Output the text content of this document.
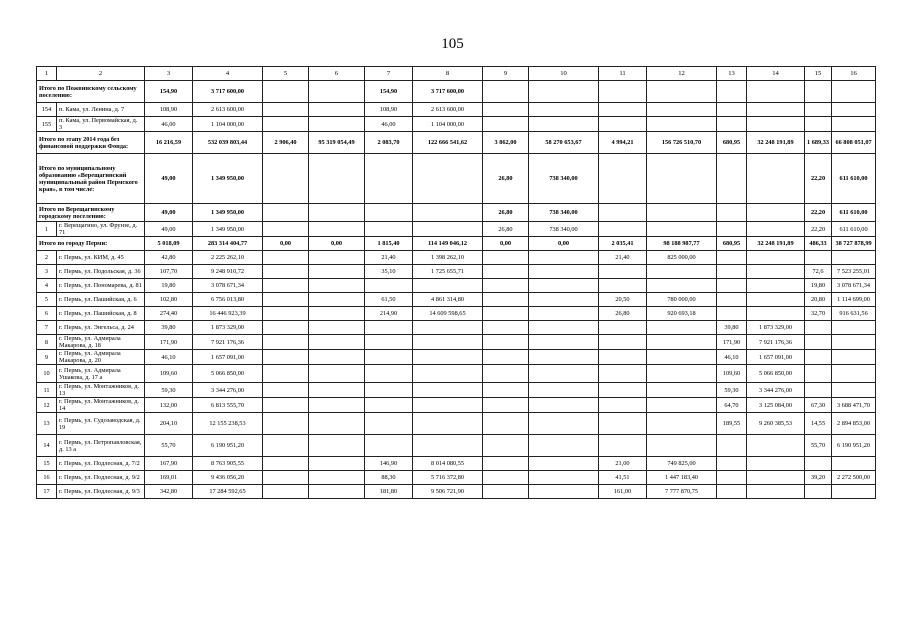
105
1	2	3	4	5	6	7	8	9	10	11	12	13	14	15	16
Итого по Пожвинскому сельскому поселению:		154,90	3 717 600,00			154,90	3 717 600,00								
154	п. Камa, ул. Ленина, д. 7	108,90	2 613 600,00			108,90	2 613 600,00								
155	п. Кама, ул. Первомайская, д. 3	46,00	1 104 000,00			46,00	1 104 000,00								
Итого по этапу 2014 года без финансовой поддержки Фонда:		16 216,59	532 039 803,44	2 906,40	95 319 054,49	2 083,70	122 666 541,62	3 862,00	58 270 653,67	4 994,21	156 726 510,70	680,95	32 248 191,89	1 689,33	66 808 051,07
Итого по муниципальному образованию «Верещагинский муниципальный район Пермского края», в том числе:		49,00	1 349 950,00					26,80	738 340,00					22,20	611 610,00
Итого по Верещагинскому городскому поселению:		49,00	1 349 950,00					26,80	738 340,00					22,20	611 610,00
1	г. Верещагино, ул. Фрунзе, д. 71	49,00	1 349 950,00					26,80	738 340,00					22,20	611 610,00
Итого по городу Перми:		5 018,09	283 314 404,77	0,00	0,00	1 815,40	114 149 046,12	0,00	0,00	2 035,41	98 188 987,77	680,95	32 248 191,89	486,33	38 727 878,99
2	г. Пермь, ул. КИМ, д. 45	42,80	2 225 262,10			21,40	1 398 262,10			21,40	825 000,00				
3	г. Пермь, ул. Подольская, д. 36	107,70	9 248 910,72			35,10	1 725 655,71							72,6	7 523 255,01
4	г. Пермь, ул. Пономарева, д. 81	19,80	3 078 671,34											19,80	3 078 671,34
5	г. Пермь, ул. Пашийская, д. 6	102,80	6 756 013,80			61,50	4 861 314,80			20,50	780 000,00			20,80	1 114 699,00
6	г. Пермь, ул. Пашийская, д. 8	274,40	16 446 923,39			214,90	14 609 598,65			26,80	920 693,18			32,70	916 631,56
7	г. Пермь, ул. Энгельса, д. 24	39,80	1 873 329,00									39,80	1 873 329,00		
8	г. Пермь, ул. Адмирала Макарова, д. 18	171,90	7 921 176,36									171,90	7 921 176,36		
9	г. Пермь, ул. Адмирала Макарова, д. 20	46,10	1 657 091,00									46,10	1 657 091,00		
10	г. Пермь, ул. Адмирала Ушакова, д. 17 а	109,60	5 066 850,00									109,60	5 066 850,00		
11	г. Пермь, ул. Монтажников, д. 13	59,30	3 344 276,00									59,30	3 344 276,00		
12	г. Пермь, ул. Монтажников, д. 14	132,00	6 813 555,70									64,70	3 125 084,00	67,30	3 688 471,70
13	г. Пермь, ул. Судозаводская, д. 19	204,10	12 155 238,53									189,55	9 260 385,53	14,55	2 894 853,00
14	г. Пермь, ул. Петропавловская, д. 13 а	55,70	6 190 951,20											55,70	6 190 951,20
15	г. Пермь, ул. Подлесная, д. 7/2	167,90	8 763 905,55			146,90	8 014 080,55			21,00	749 825,00				
16	г. Пермь, ул. Подлесная, д. 9/2	169,01	9 436 056,20			88,30	5 716 372,80			41,51	1 447 183,40			39,20	2 272 500,00
17	г. Пермь, ул. Подлесная, д. 9/3	342,80	17 284 592,65			181,80	9 506 721,90			161,00	7 777 870,75				
